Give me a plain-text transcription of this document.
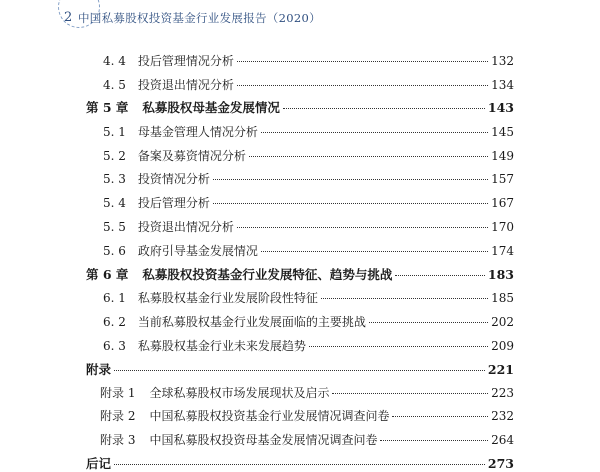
2 中国私募股权投资基金行业发展报告（2020）
4. 4 投后管理情况分析	132
4. 5 投资退出情况分析	134
第 5 章 私募股权母基金发展情况	143
5. 1 母基金管理人情况分析	145
5. 2 备案及募资情况分析	149
5. 3 投资情况分析	157
5. 4 投后管理分析	167
5. 5 投资退出情况分析	170
5. 6 政府引导基金发展情况	174
第 6 章 私募股权投资基金行业发展特征、趋势与挑战	183
6. 1 私募股权基金行业发展阶段性特征	185
6. 2 当前私募股权基金行业发展面临的主要挑战	202
6. 3 私募股权基金行业未来发展趋势	209
附录	221
附录 1 全球私募股权市场发展现状及启示	223
附录 2 中国私募股权投资基金行业发展情况调查问卷	232
附录 3 中国私募股权投资母基金发展情况调查问卷	264
后记	273
